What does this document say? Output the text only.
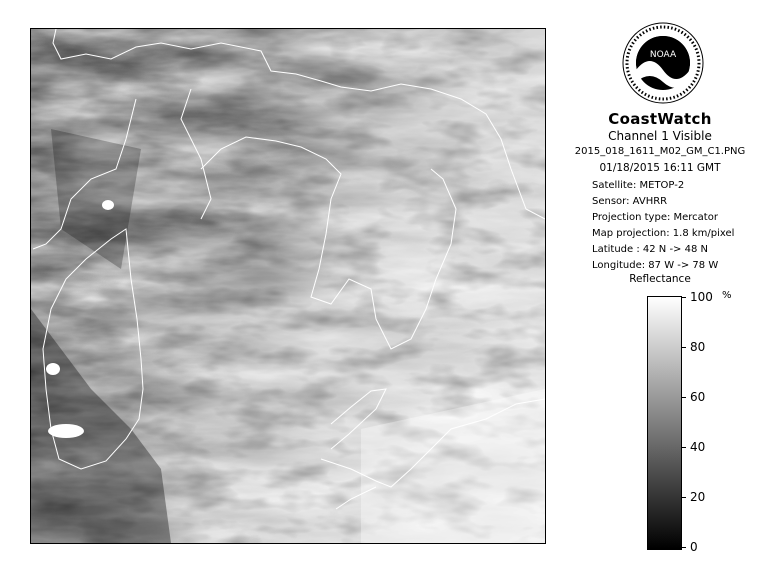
NOAA
CoastWatch
Channel 1 Visible
2015_018_1611_M02_GM_C1.PNG
01/18/2015 16:11 GMT
Satellite: METOP-2
Sensor: AVHRR
Projection type: Mercator
Map projection: 1.8 km/pixel
Latitude : 42 N -> 48 N
Longitude: 87 W -> 78 W
Reflectance
100
80
60
40
20
0
%
